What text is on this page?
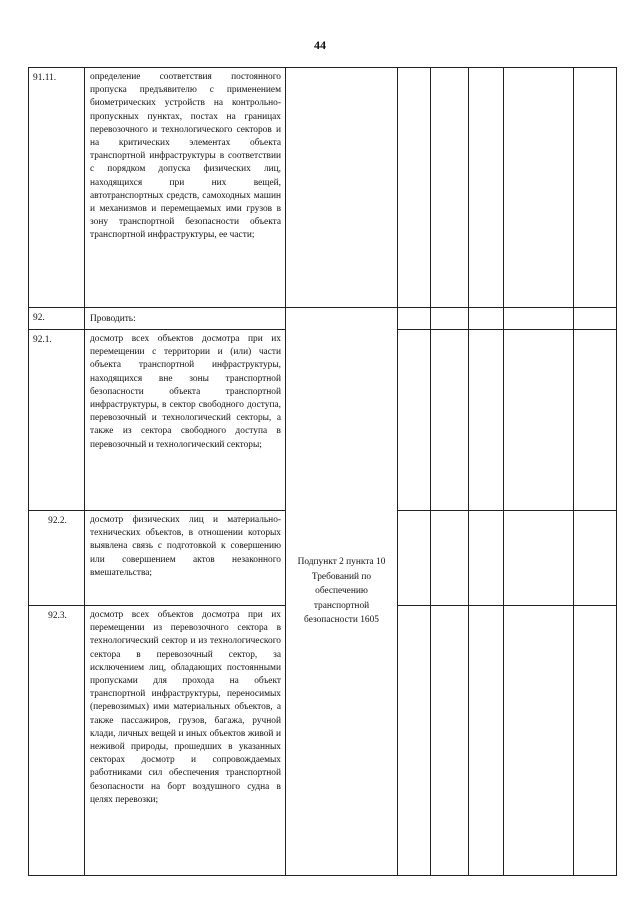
44
91.11.	определение соответствия постоянного пропуска предъявителю с применением биометрических устройств на контрольно-пропускных пунктах, постах на границах перевозочного и технологического секторов и на критических элементах объекта транспортной инфраструктуры в соответствии с порядком допуска физических лиц, находящихся при них вещей, автотранспортных средств, самоходных машин и механизмов и перемещаемых ими грузов в зону транспортной безопасности объекта транспортной инфраструктуры, ее части;						
92.	Проводить:	Подпункт 2 пункта 10 Требований по обеспечению транспортной безопасности 1605					
92.1.	досмотр всех объектов досмотра при их перемещении с территории и (или) части объекта транспортной инфраструктуры, находящихся вне зоны транспортной безопасности объекта транспортной инфраструктуры, в сектор свободного доступа, перевозочный и технологический секторы, а также из сектора свободного доступа в перевозочный и технологический секторы;						
92.2.	досмотр физических лиц и материально-технических объектов, в отношении которых выявлена связь с подготовкой к совершению или совершением актов незаконного вмешательства;						
92.3.	досмотр всех объектов досмотра при их перемещении из перевозочного сектора в технологический сектор и из технологического сектора в перевозочный сектор, за исключением лиц, обладающих постоянными пропусками для прохода на объект транспортной инфраструктуры, переносимых (перевозимых) ими материальных объектов, а также пассажиров, грузов, багажа, ручной клади, личных вещей и иных объектов живой и неживой природы, прошедших в указанных секторах досмотр и сопровождаемых работниками сил обеспечения транспортной безопасности на борт воздушного судна в целях перевозки;						
